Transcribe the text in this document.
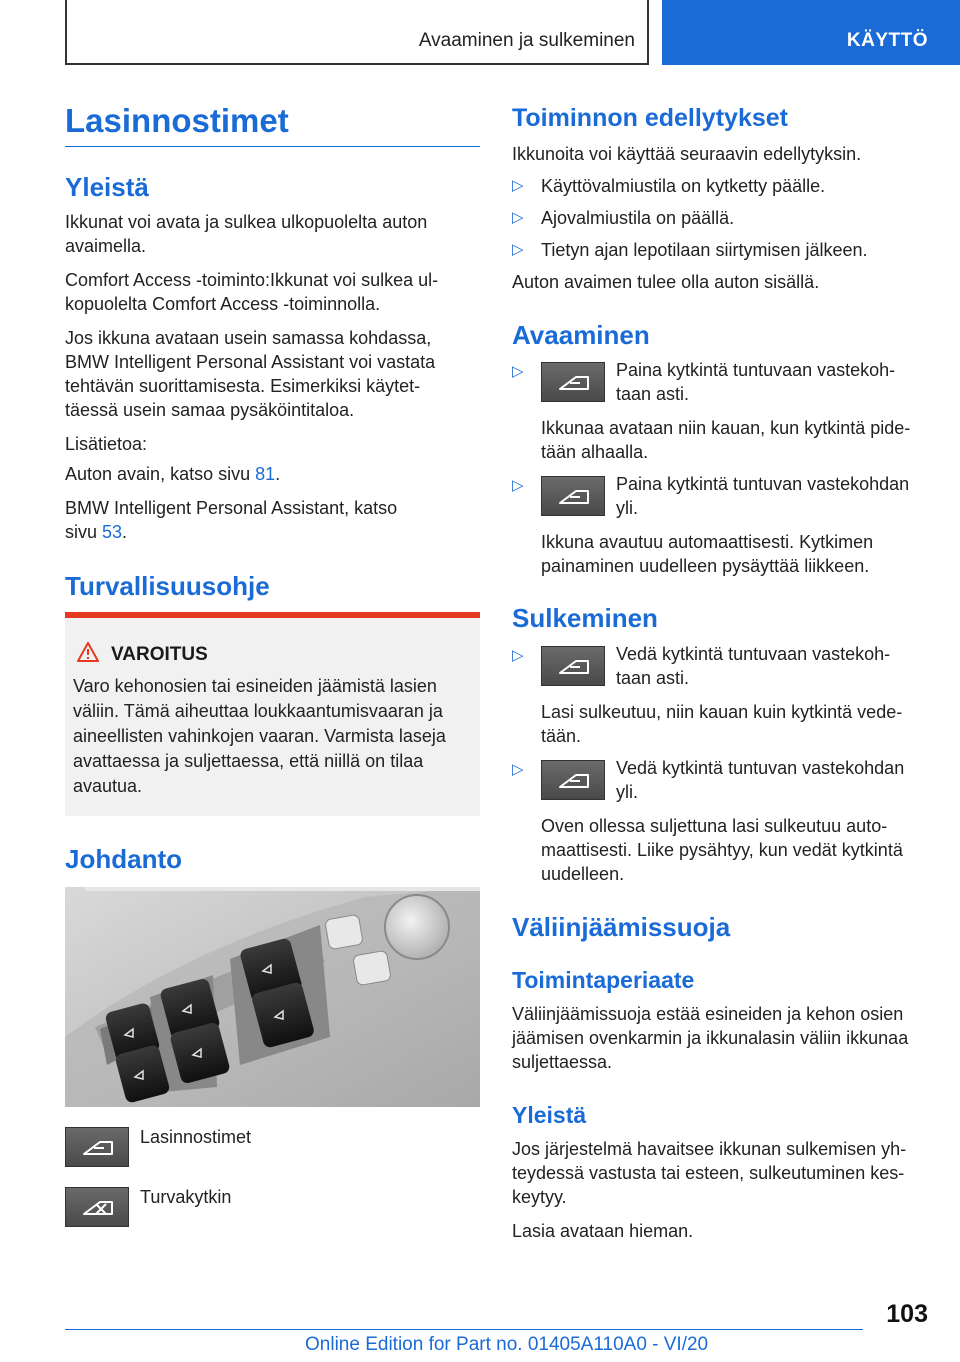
Avaaminen ja sulkeminen	KÄYTTÖ
Lasinnostimet
Yleistä
Ikkunat voi avata ja sulkea ulkopuolelta auton avaimella.
Comfort Access -toiminto:Ikkunat voi sulkea ul-
kopuolelta Comfort Access -toiminnolla.
Jos ikkuna avataan usein samassa kohdassa,
BMW Intelligent Personal Assistant voi vastata
tehtävän suorittamisesta. Esimerkiksi käytet-
täessä usein samaa pysäköintitaloa.
Lisätietoa:
Auton avain, katso sivu 81.
BMW Intelligent Personal Assistant, katso
sivu 53.
Turvallisuusohje
VAROITUS
Varo kehonosien tai esineiden jäämistä lasien
väliin. Tämä aiheuttaa loukkaantumisvaaran ja
aineellisten vahinkojen vaaran. Varmista laseja
avattaessa ja suljettaessa, että niillä on tilaa
avautua.
Johdanto
Lasinnostimet
Turvakytkin
Toiminnon edellytykset
Ikkunoita voi käyttää seuraavin edellytyksin.
▷ Käyttövalmiustila on kytketty päälle.
▷ Ajovalmiustila on päällä.
▷ Tietyn ajan lepotilaan siirtymisen jälkeen.
Auton avaimen tulee olla auton sisällä.
Avaaminen
▷	Paina kytkintä tuntuvaan vastekoh-
taan asti.
Ikkunaa avataan niin kauan, kun kytkintä pide-
tään alhaalla.
▷	Paina kytkintä tuntuvan vastekohdan
yli.
Ikkuna avautuu automaattisesti. Kytkimen
painaminen uudelleen pysäyttää liikkeen.
Sulkeminen
▷	Vedä kytkintä tuntuvaan vastekoh-
taan asti.
Lasi sulkeutuu, niin kauan kuin kytkintä vede-
tään.
▷	Vedä kytkintä tuntuvan vastekohdan
yli.
Oven ollessa suljettuna lasi sulkeutuu auto-
maattisesti. Liike pysähtyy, kun vedät kytkintä
uudelleen.
Väliinjäämissuoja
Toimintaperiaate
Väliinjäämissuoja estää esineiden ja kehon osien
jäämisen ovenkarmin ja ikkunalasin väliin ikkunaa
suljettaessa.
Yleistä
Jos järjestelmä havaitsee ikkunan sulkemisen yh-
teydessä vastusta tai esteen, sulkeutuminen kes-
keytyy.
Lasia avataan hieman.
103
Online Edition for Part no. 01405A110A0 - VI/20
